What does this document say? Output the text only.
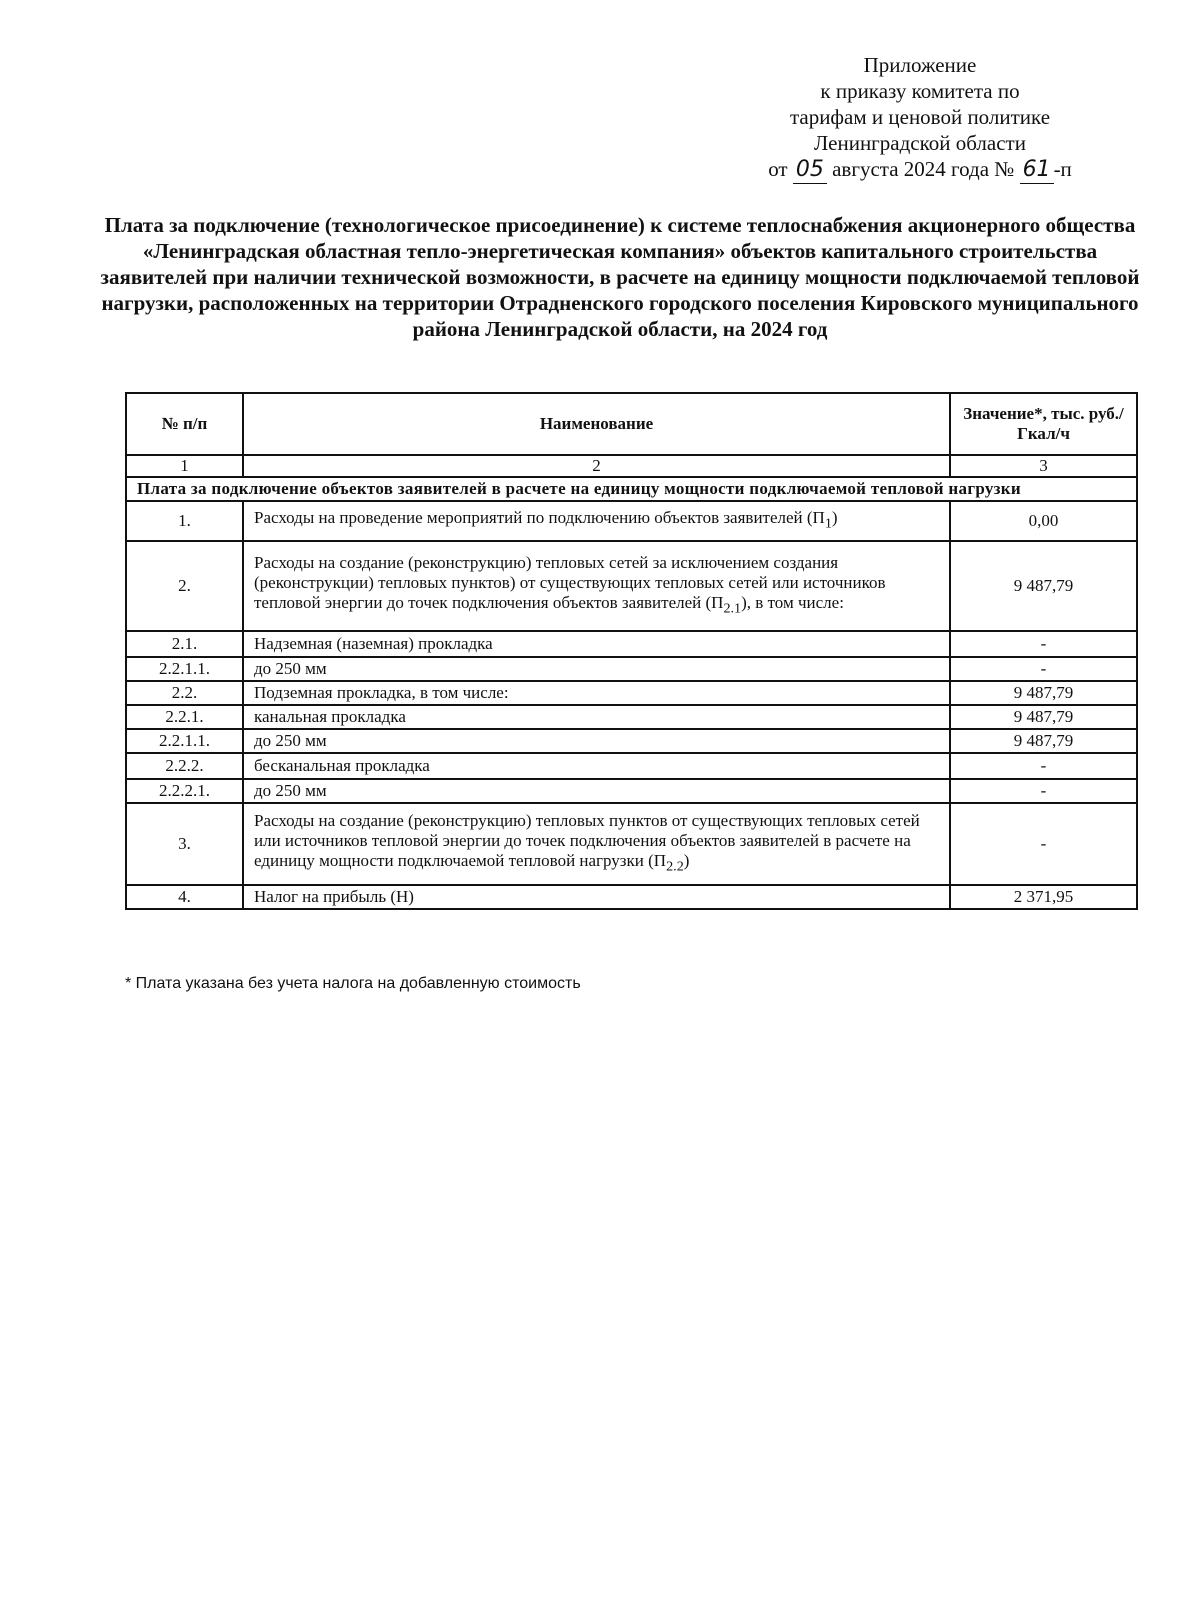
Приложение
к приказу комитета по
тарифам и ценовой политике
Ленинградской области
от 05 августа 2024 года № 61 -п
Плата за подключение (технологическое присоединение) к системе теплоснабжения акционерного общества «Ленинградская областная тепло-энергетическая компания» объектов капитального строительства заявителей при наличии технической возможности, в расчете на единицу мощности подключаемой тепловой нагрузки, расположенных на территории Отрадненского городского поселения Кировского муниципального района Ленинградской области, на 2024 год
№ п/п	Наименование	Значение*, тыс. руб./Гкал/ч
1	2	3
Плата за подключение объектов заявителей в расчете на единицу мощности подключаемой тепловой нагрузки		
1.	Расходы на проведение мероприятий по подключению объектов заявителей $(П_1)$	0,00
2.	Расходы на создание (реконструкцию) тепловых сетей за исключением создания (реконструкции) тепловых пунктов) от существующих тепловых сетей или источников тепловой энергии до точек подключения объектов заявителей $(П_{2.1})$, в том числе:	9 487,79
2.1.	Надземная (наземная) прокладка	-
2.2.1.1.	до 250 мм	-
2.2.	Подземная прокладка, в том числе:	9 487,79
2.2.1.	канальная прокладка	9 487,79
2.2.1.1.	до 250 мм	9 487,79
2.2.2.	бесканальная прокладка	-
2.2.2.1.	до 250 мм	-
3.	Расходы на создание (реконструкцию) тепловых пунктов от существующих тепловых сетей или источников тепловой энергии до точек подключения объектов заявителей в расчете на единицу мощности подключаемой тепловой нагрузки $(П_{2.2})$	-
4.	Налог на прибыль (Н)	2 371,95
* Плата указана без учета налога на добавленную стоимость
